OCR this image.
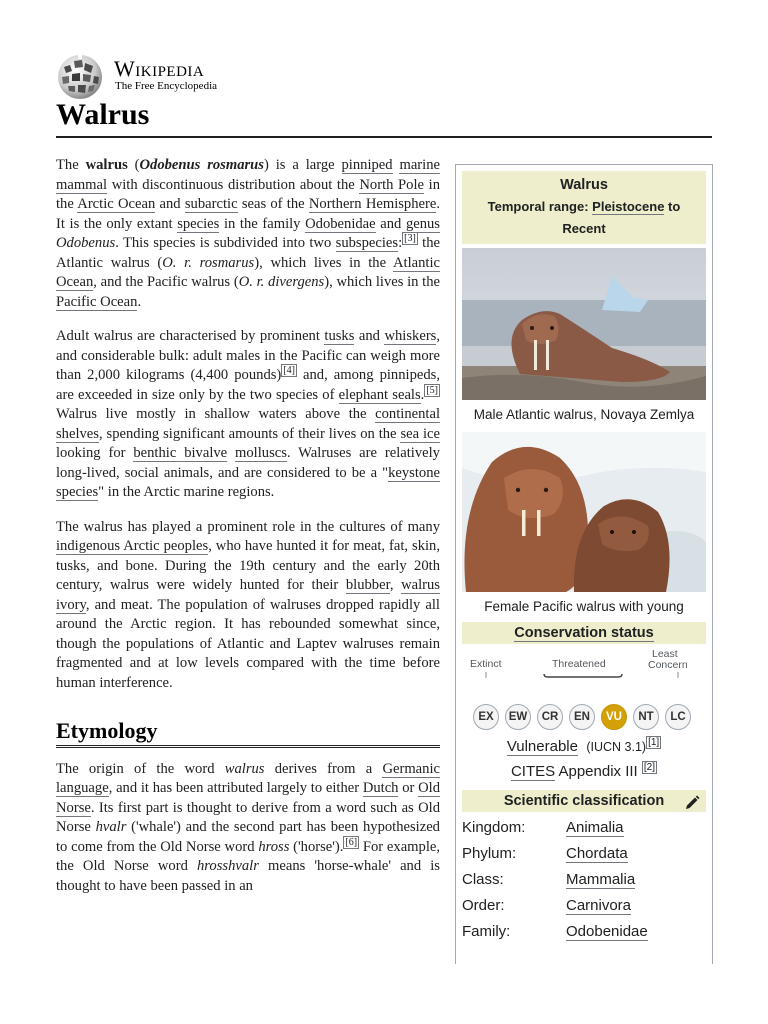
Wikipedia
The Free Encyclopedia
Walrus

The walrus (Odobenus rosmarus) is a large pinniped marine mammal with discontinuous distribution about the North Pole in the Arctic Ocean and subarctic seas of the Northern Hemisphere. It is the only extant species in the family Odobenidae and genus Odobenus. This species is subdivided into two subspecies: [3] the Atlantic walrus (O. r. rosmarus), which lives in the Atlantic Ocean, and the Pacific walrus (O. r. divergens), which lives in the Pacific Ocean.

Adult walrus are characterised by prominent tusks and whiskers, and considerable bulk: adult males in the Pacific can weigh more than 2,000 kilograms (4,400 pounds) [4] and, among pinnipeds, are exceeded in size only by the two species of elephant seals. [5] Walrus live mostly in shallow waters above the continental shelves, spending significant amounts of their lives on the sea ice looking for benthic bivalve molluscs. Walruses are relatively long-lived, social animals, and are considered to be a "keystone species" in the Arctic marine regions.

The walrus has played a prominent role in the cultures of many indigenous Arctic peoples, who have hunted it for meat, fat, skin, tusks, and bone. During the 19th century and the early 20th century, walrus were widely hunted for their blubber, walrus ivory, and meat. The population of walruses dropped rapidly all around the Arctic region. It has rebounded somewhat since, though the populations of Atlantic and Laptev walruses remain fragmented and at low levels compared with the time before human interference.

Etymology

The origin of the word walrus derives from a Germanic language, and it has been attributed largely to either Dutch or Old Norse. Its first part is thought to derive from a word such as Old Norse hvalr ('whale') and the second part has been hypothesized to come from the Old Norse word hross ('horse'). [6] For example, the Old Norse word hrosshvalr means 'horse-whale' and is thought to have been passed in an

Walrus
Temporal range: Pleistocene to Recent
Male Atlantic walrus, Novaya Zemlya
Female Pacific walrus with young
Conservation status
Extinct	Threatened
Least
Concern
EX	EW	CR	EN	VU	NT	LC
Vulnerable (IUCN 3.1) [1]
CITES Appendix III [2]
Scientific classification
Kingdom:	Animalia
Phylum:	Chordata
Class:	Mammalia
Order:	Carnivora
Family:	Odobenidae
